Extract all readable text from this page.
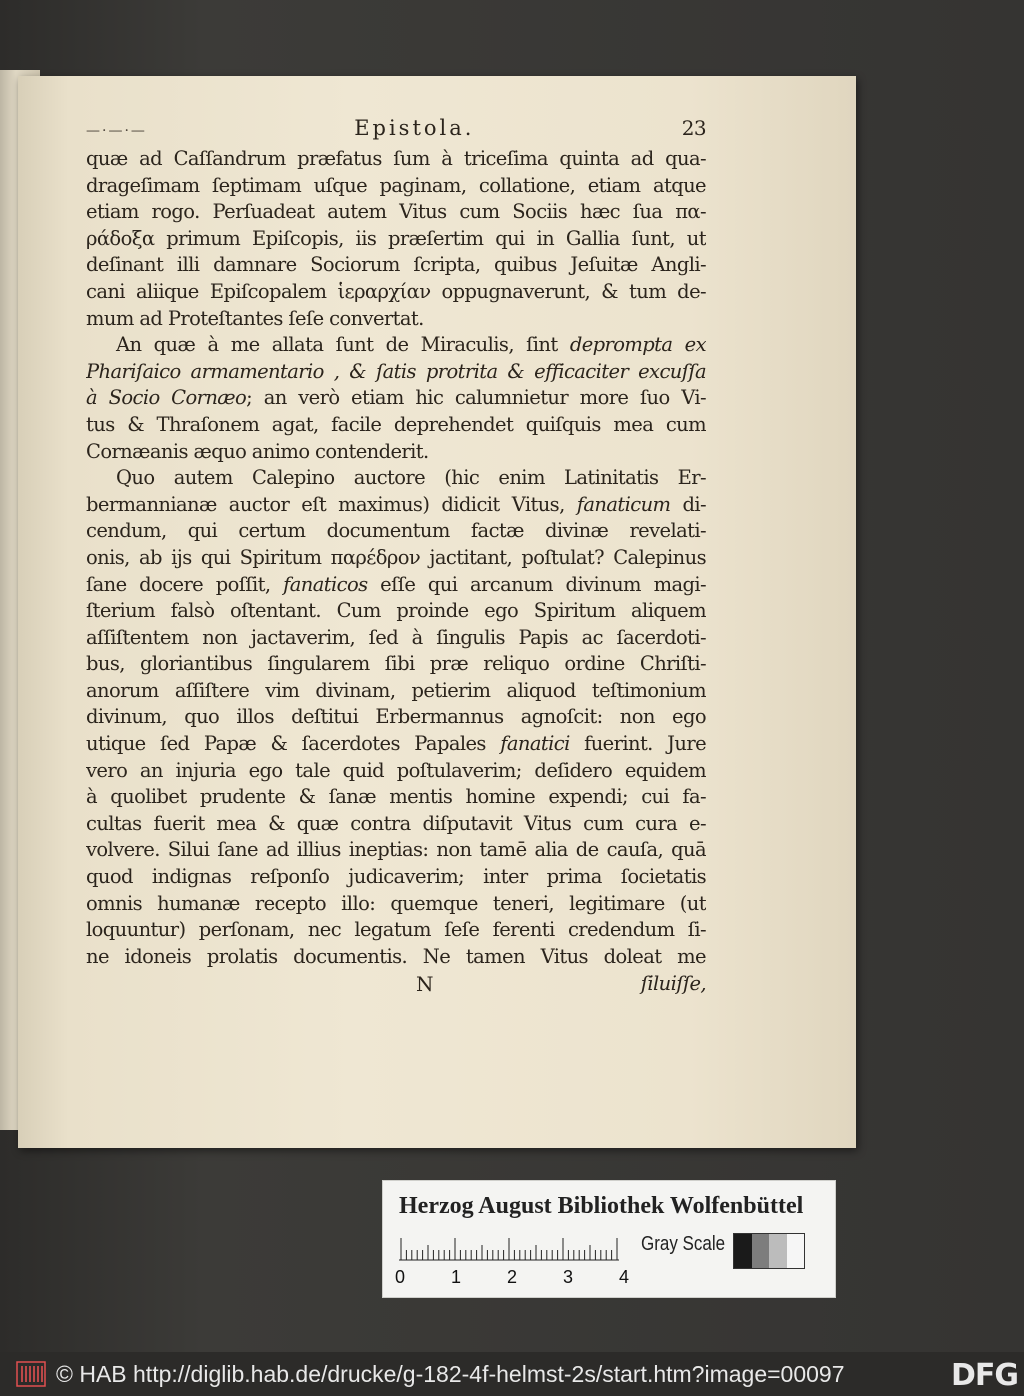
—·—·—	Epistola.	23
quæ ad Caſſandrum præfatus ſum à triceſima quinta ad qua-
drageſimam ſeptimam uſque paginam, collatione, etiam atque
etiam rogo. Perſuadeat autem Vitus cum Sociis hæc ſua πα-
ράδοξα primum Epiſcopis, iis præſertim qui in Gallia ſunt, ut
deſinant illi damnare Sociorum ſcripta, quibus Jeſuitæ Angli-
cani aliique Epiſcopalem ἱεραρχίαν oppugnaverunt, & tum de-
mum ad Proteſtantes ſeſe convertat.
An quæ à me allata ſunt de Miraculis, ſint deprompta ex
Phariſaico armamentario , & ſatis protrita & efficaciter excuſſa
à Socio Cornæo; an verò etiam hic calumnietur more ſuo Vi-
tus & Thraſonem agat, facile deprehendet quiſquis mea cum
Cornæanis æquo animo contenderit.
Quo autem Calepino auctore (hic enim Latinitatis Er-
bermannianæ auctor eſt maximus) didicit Vitus, fanaticum di-
cendum, qui certum documentum factæ divinæ revelati-
onis, ab ijs qui Spiritum παρέδρον jactitant, poſtulat? Calepinus
ſane docere poſſit, fanaticos eſſe qui arcanum divinum magi-
ſterium falsò oſtentant. Cum proinde ego Spiritum aliquem
aſſiſtentem non jactaverim, ſed à ſingulis Papis ac ſacerdoti-
bus, gloriantibus ſingularem ſibi præ reliquo ordine Chriſti-
anorum aſſiſtere vim divinam, petierim aliquod teſtimonium
divinum, quo illos deſtitui Erbermannus agnoſcit: non ego
utique ſed Papæ & ſacerdotes Papales fanatici fuerint. Jure
vero an injuria ego tale quid poſtulaverim; deſidero equidem
à quolibet prudente & ſanæ mentis homine expendi; cui fa-
cultas fuerit mea & quæ contra diſputavit Vitus cum cura e-
volvere. Silui ſane ad illius ineptias: non tamē alia de cauſa, quā
quod indignas reſponſo judicaverim; inter prima ſocietatis
omnis humanæ recepto illo: quemque teneri, legitimare (ut
loquuntur) perſonam, nec legatum ſeſe ferenti credendum ſi-
ne idoneis prolatis documentis. Ne tamen Vitus doleat me
N	ſiluiſſe,
Herzog August Bibliothek Wolfenbüttel
0	1	2	3	4
Gray Scale
© HAB http://diglib.hab.de/drucke/g-182-4f-helmst-2s/start.htm?image=00097	DFG
